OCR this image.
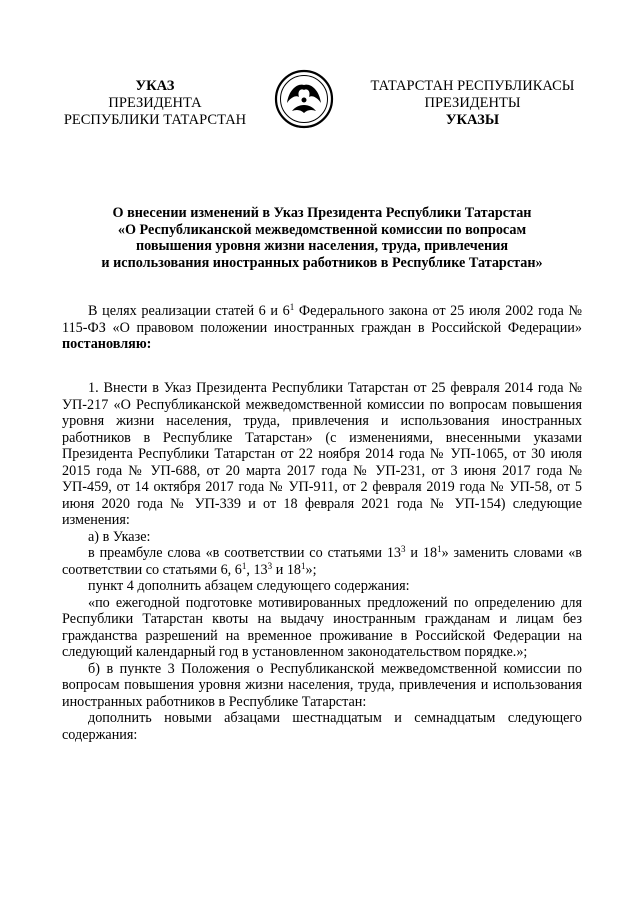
УКАЗ
ПРЕЗИДЕНТА
РЕСПУБЛИКИ ТАТАРСТАН
ТАТАРСТАН РЕСПУБЛИКАСЫ
ПРЕЗИДЕНТЫ
УКАЗЫ
О внесении изменений в Указ Президента Республики Татарстан
«О Республиканской межведомственной комиссии по вопросам
повышения уровня жизни населения, труда, привлечения
и использования иностранных работников в Республике Татарстан»

В целях реализации статей 6 и $6^1$ Федерального закона от 25 июля 2002 года № 115-ФЗ «О правовом положении иностранных граждан в Российской Федерации» постановляю:

1. Внести в Указ Президента Республики Татарстан от 25 февраля 2014 года № УП-217 «О Республиканской межведомственной комиссии по вопросам повышения уровня жизни населения, труда, привлечения и использования иностранных работников в Республике Татарстан» (с изменениями, внесенными указами Президента Республики Татарстан от 22 ноября 2014 года № УП-1065, от 30 июля 2015 года № УП-688, от 20 марта 2017 года № УП-231, от 3 июня 2017 года № УП-459, от 14 октября 2017 года № УП-911, от 2 февраля 2019 года № УП-58, от 5 июня 2020 года № УП-339 и от 18 февраля 2021 года № УП-154) следующие изменения:

а) в Указе:

в преамбуле слова «в соответствии со статьями $13^3$ и $18^1$» заменить словами «в соответствии со статьями 6, $6^1$, $13^3$ и $18^1$»;

пункт 4 дополнить абзацем следующего содержания:

«по ежегодной подготовке мотивированных предложений по определению для Республики Татарстан квоты на выдачу иностранным гражданам и лицам без гражданства разрешений на временное проживание в Российской Федерации на следующий календарный год в установленном законодательством порядке.»;

б) в пункте 3 Положения о Республиканской межведомственной комиссии по вопросам повышения уровня жизни населения, труда, привлечения и использования иностранных работников в Республике Татарстан:

дополнить новыми абзацами шестнадцатым и семнадцатым следующего содержания:
